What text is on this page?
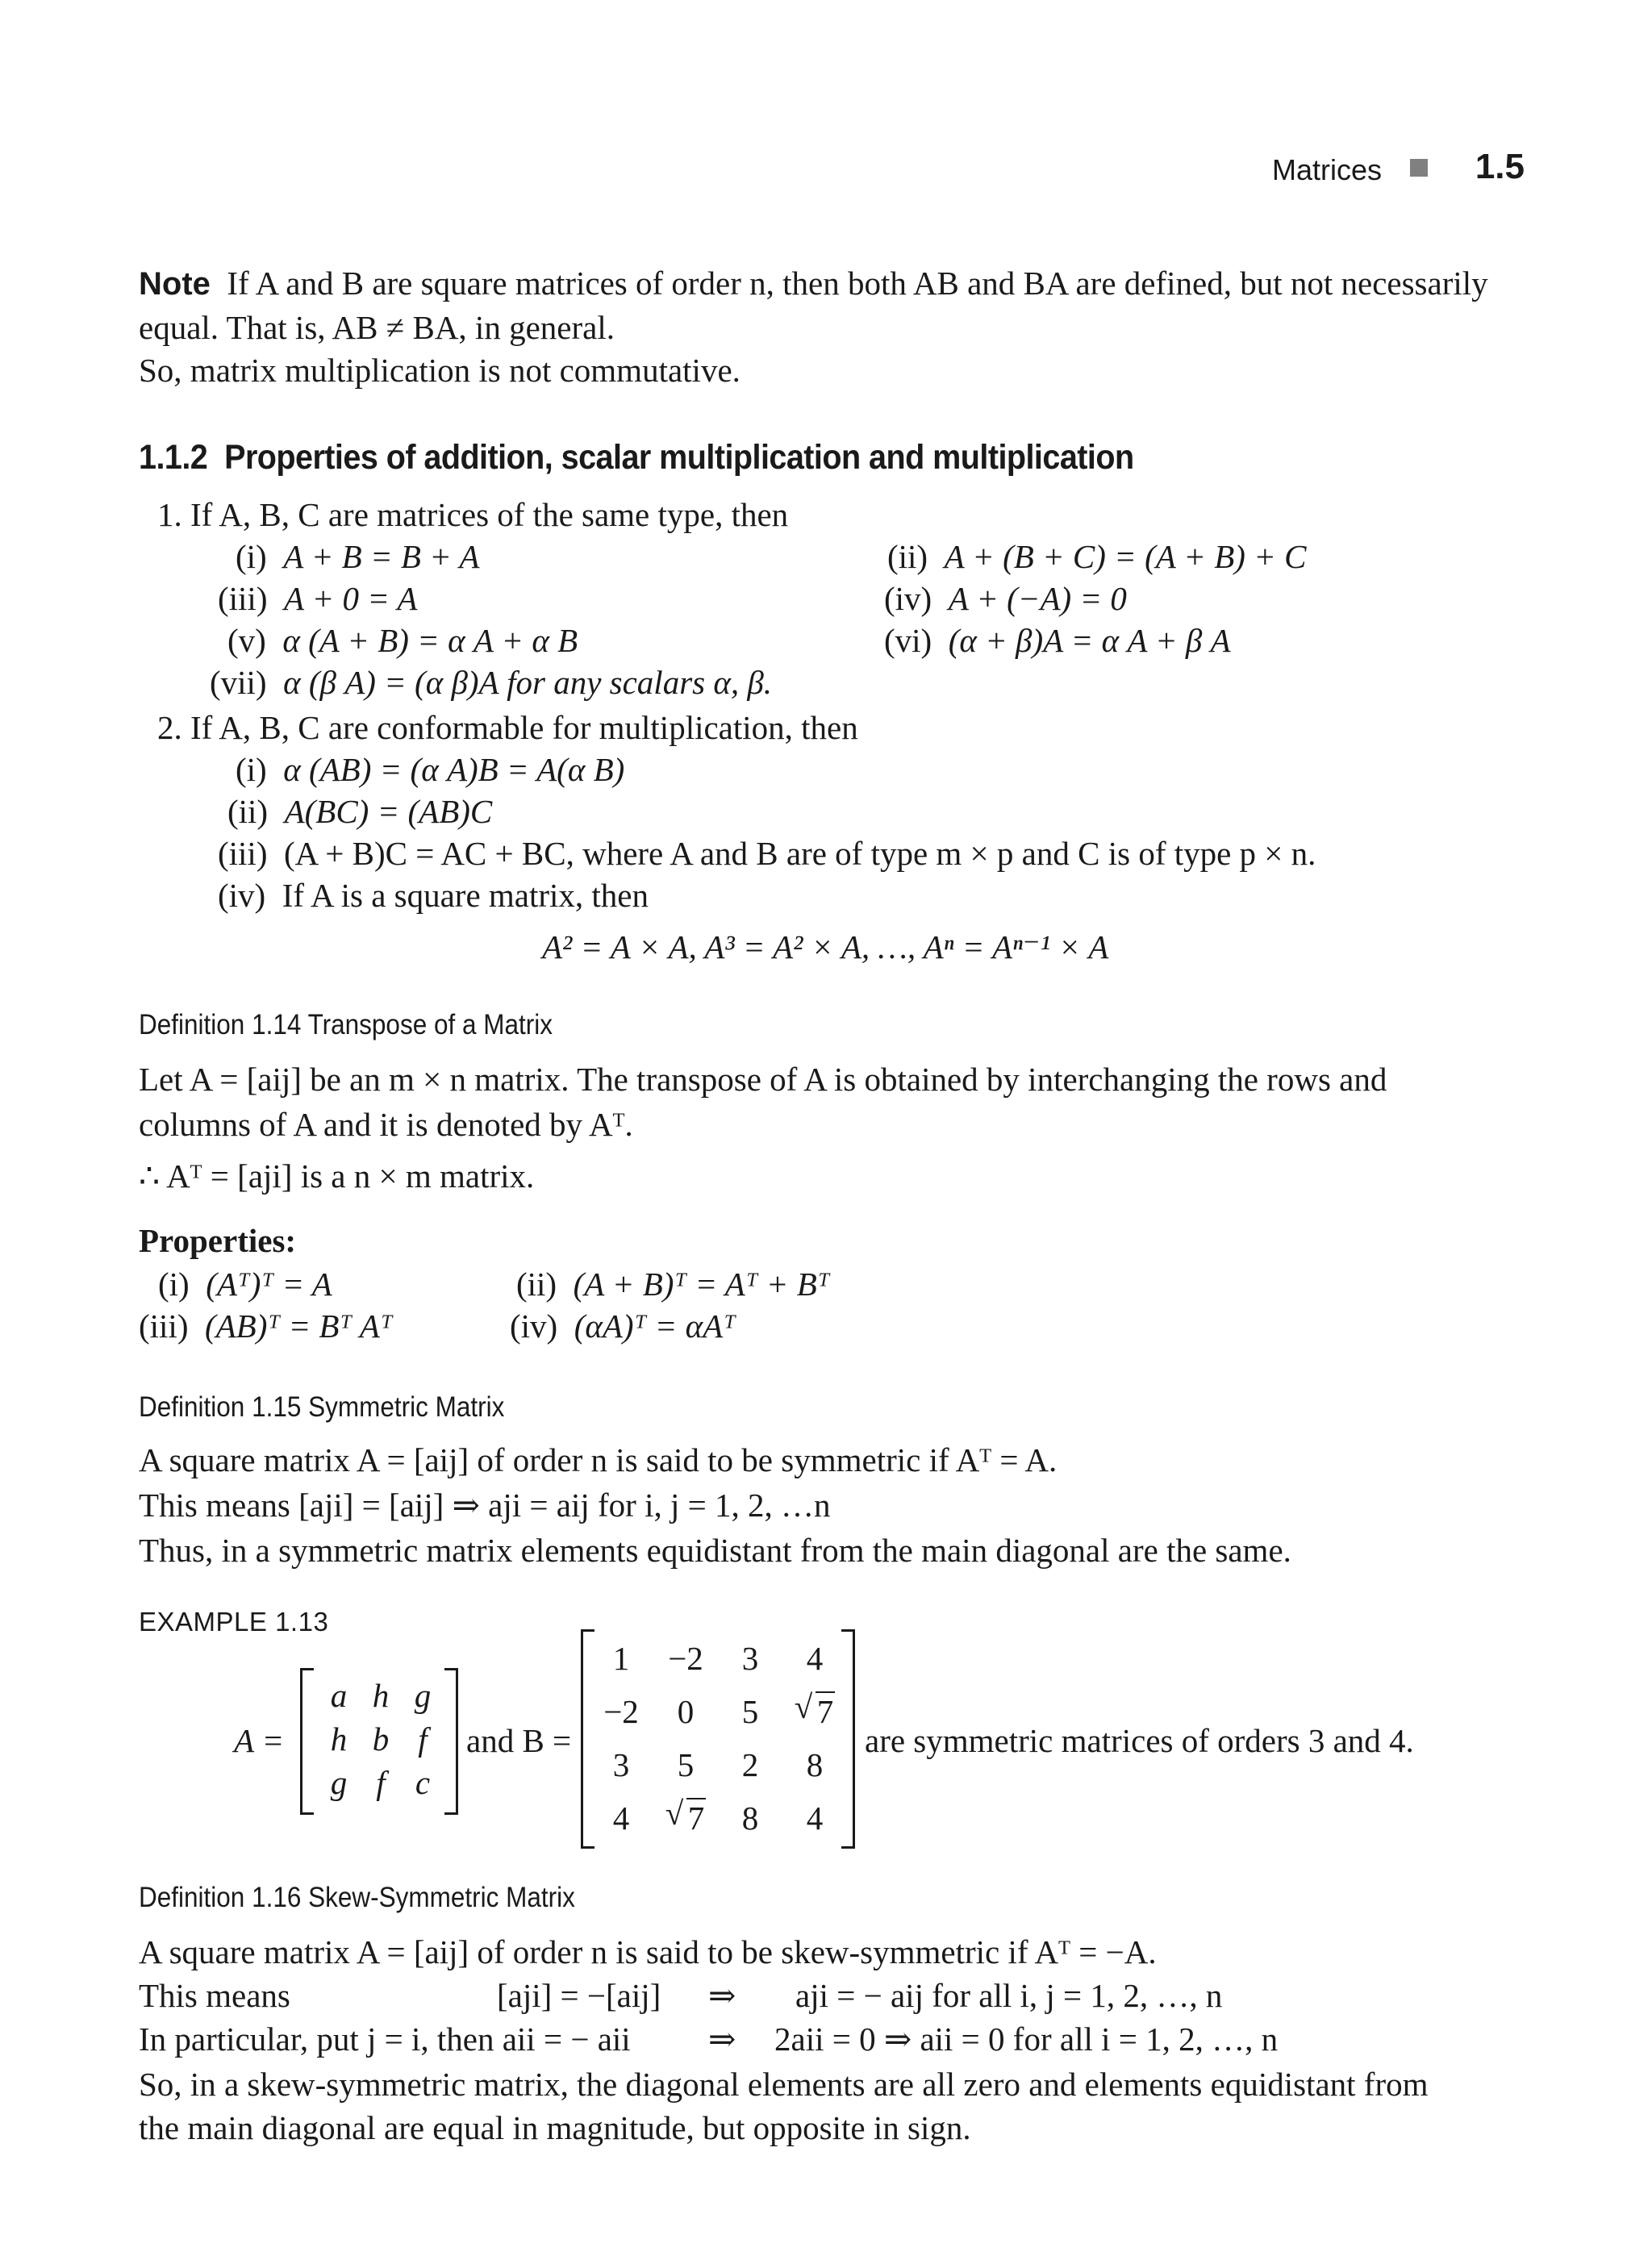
Matrices	1.5
Note If A and B are square matrices of order n, then both AB and BA are defined, but not necessarily
equal. That is, AB ≠ BA, in general.
So, matrix multiplication is not commutative.
1.1.2 Properties of addition, scalar multiplication and multiplication
1. If A, B, C are matrices of the same type, then
(i) A + B = B + A	(ii) A + (B + C) = (A + B) + C
(iii) A + 0 = A	(iv) A + (−A) = 0
(v) α (A + B) = α A + α B	(vi) (α + β)A = α A + β A
(vii) α (β A) = (α β)A for any scalars α, β.
2. If A, B, C are conformable for multiplication, then
(i) α (AB) = (α A)B = A(α B)
(ii) A(BC) = (AB)C
(iii) (A + B)C = AC + BC, where A and B are of type m × p and C is of type p × n.
(iv) If A is a square matrix, then
A² = A × A, A³ = A² × A, …, Aⁿ = Aⁿ⁻¹ × A
Definition 1.14 Transpose of a Matrix
Let A = [aij] be an m × n matrix. The transpose of A is obtained by interchanging the rows and
columns of A and it is denoted by Aᵀ.
∴ Aᵀ = [aji] is a n × m matrix.
Properties:
(i) (Aᵀ)ᵀ = A	(ii) (A + B)ᵀ = Aᵀ + Bᵀ
(iii) (AB)ᵀ = Bᵀ Aᵀ	(iv) (αA)ᵀ = αAᵀ
Definition 1.15 Symmetric Matrix
A square matrix A = [aij] of order n is said to be symmetric if Aᵀ = A.
This means [aji] = [aij] ⇒ aji = aij for i, j = 1, 2, …n
Thus, in a symmetric matrix elements equidistant from the main diagonal are the same.
EXAMPLE 1.13
A =
a h g
h b f
g f c
and B =
1	−2	3	4
−2	0	5	√ 7
3	5	2	8
4	√ 7	8	4
are symmetric matrices of orders 3 and 4.
Definition 1.16 Skew-Symmetric Matrix
A square matrix A = [aij] of order n is said to be skew-symmetric if Aᵀ = −A.
This means	[aji] = −[aij] ⇒ aji = − aij for all i, j = 1, 2, …, n
In particular, put j = i, then aii = − aii ⇒ 2aii = 0 ⇒ aii = 0 for all i = 1, 2, …, n
So, in a skew-symmetric matrix, the diagonal elements are all zero and elements equidistant from
the main diagonal are equal in magnitude, but opposite in sign.
